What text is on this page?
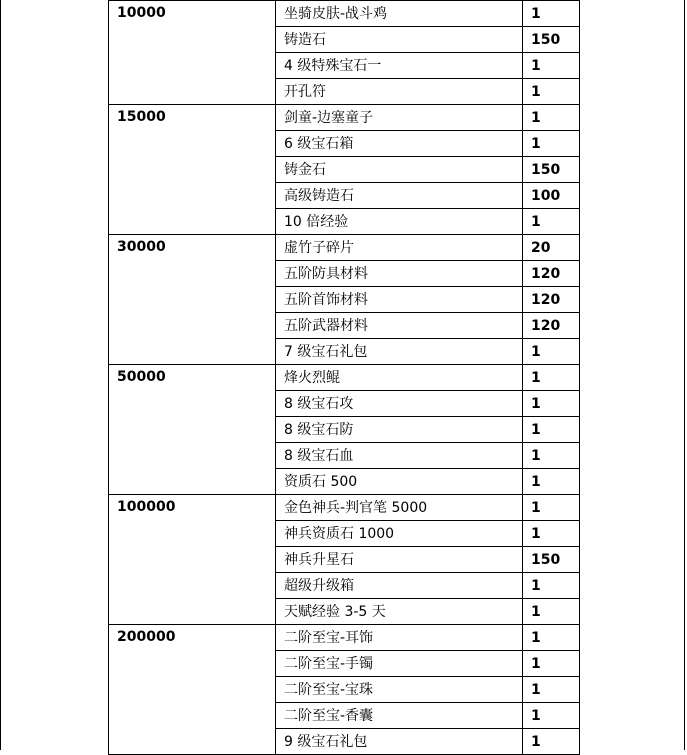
10000	坐骑皮肤-战斗鸡	1
	铸造石	150
	4 级特殊宝石一	1
	开孔符	1
15000	剑童-边塞童子	1
	6 级宝石箱	1
	铸金石	150
	高级铸造石	100
	10 倍经验	1
30000	虚竹子碎片	20
	五阶防具材料	120
	五阶首饰材料	120
	五阶武器材料	120
	7 级宝石礼包	1
50000	烽火烈鲲	1
	8 级宝石攻	1
	8 级宝石防	1
	8 级宝石血	1
	资质石 500	1
100000	金色神兵-判官笔 5000	1
	神兵资质石 1000	1
	神兵升星石	150
	超级升级箱	1
	天赋经验 3-5 天	1
200000	二阶至宝-耳饰	1
	二阶至宝-手镯	1
	二阶至宝-宝珠	1
	二阶至宝-香囊	1
	9 级宝石礼包	1
